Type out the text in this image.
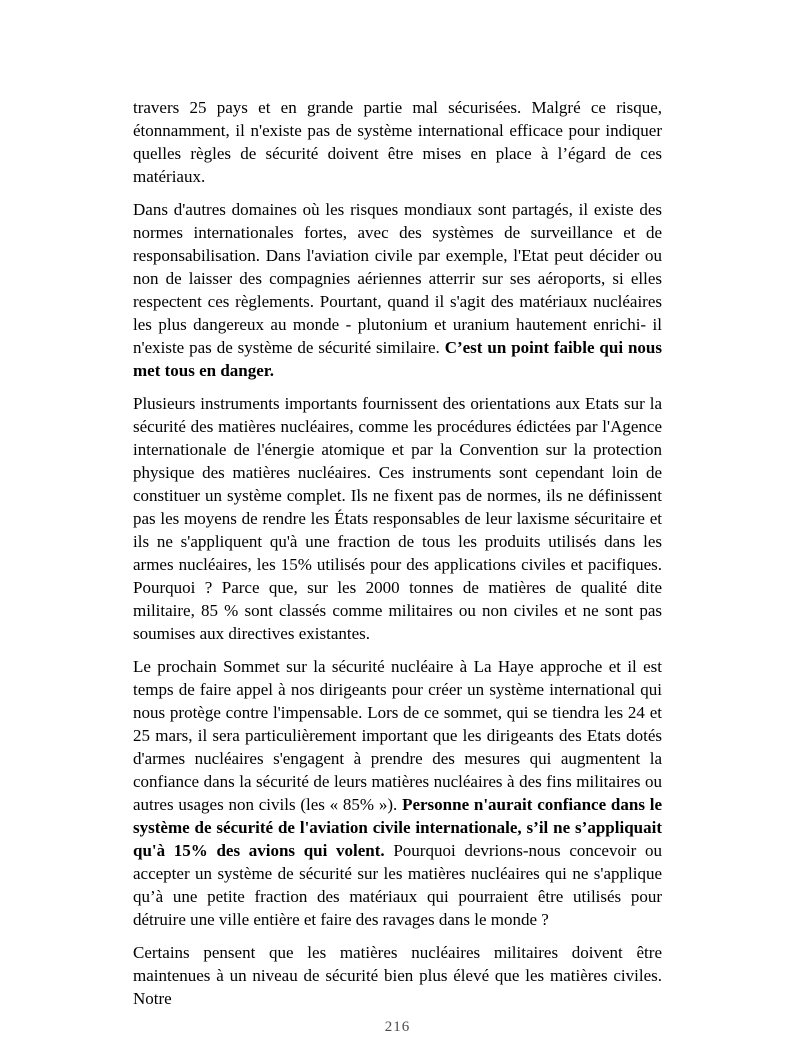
travers 25 pays et en grande partie mal sécurisées. Malgré ce risque, étonnamment, il n'existe pas de système international efficace pour indiquer quelles règles de sécurité doivent être mises en place à l’égard de ces matériaux.

Dans d'autres domaines où les risques mondiaux sont partagés, il existe des normes internationales fortes, avec des systèmes de surveillance et de responsabilisation. Dans l'aviation civile par exemple, l'Etat peut décider ou non de laisser des compagnies aériennes atterrir sur ses aéroports, si elles respectent ces règlements. Pourtant, quand il s'agit des matériaux nucléaires les plus dangereux au monde - plutonium et uranium hautement enrichi- il n'existe pas de système de sécurité similaire. C’est un point faible qui nous met tous en danger.

Plusieurs instruments importants fournissent des orientations aux Etats sur la sécurité des matières nucléaires, comme les procédures édictées par l'Agence internationale de l'énergie atomique et par la Convention sur la protection physique des matières nucléaires. Ces instruments sont cependant loin de constituer un système complet. Ils ne fixent pas de normes, ils ne définissent pas les moyens de rendre les États responsables de leur laxisme sécuritaire et ils ne s'appliquent qu'à une fraction de tous les produits utilisés dans les armes nucléaires, les 15% utilisés pour des applications civiles et pacifiques. Pourquoi ? Parce que, sur les 2000 tonnes de matières de qualité dite militaire, 85 % sont classés comme militaires ou non civiles et ne sont pas soumises aux directives existantes.

Le prochain Sommet sur la sécurité nucléaire à La Haye approche et il est temps de faire appel à nos dirigeants pour créer un système international qui nous protège contre l'impensable. Lors de ce sommet, qui se tiendra les 24 et 25 mars, il sera particulièrement important que les dirigeants des Etats dotés d'armes nucléaires s'engagent à prendre des mesures qui augmentent la confiance dans la sécurité de leurs matières nucléaires à des fins militaires ou autres usages non civils (les « 85% »). Personne n'aurait confiance dans le système de sécurité de l'aviation civile internationale, s’il ne s’appliquait qu'à 15% des avions qui volent. Pourquoi devrions-nous concevoir ou accepter un système de sécurité sur les matières nucléaires qui ne s'applique qu’à une petite fraction des matériaux qui pourraient être utilisés pour détruire une ville entière et faire des ravages dans le monde ?

Certains pensent que les matières nucléaires militaires doivent être maintenues à un niveau de sécurité bien plus élevé que les matières civiles. Notre

216
